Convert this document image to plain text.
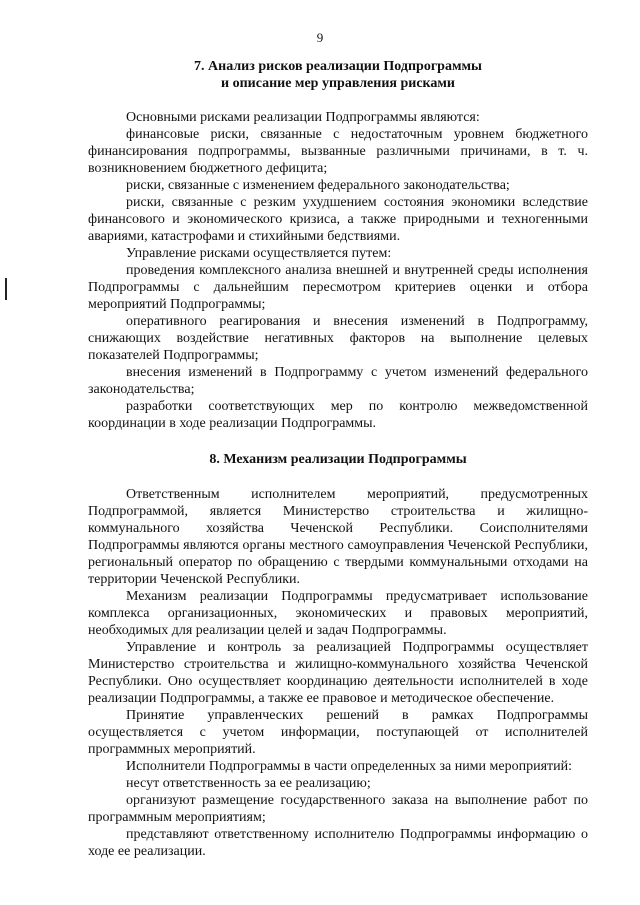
9
7. Анализ рисков реализации Подпрограммы
и описание мер управления рисками

Основными рисками реализации Подпрограммы являются:

финансовые риски, связанные с недостаточным уровнем бюджетного финансирования подпрограммы, вызванные различными причинами, в т. ч. возникновением бюджетного дефицита;

риски, связанные с изменением федерального законодательства;

риски, связанные с резким ухудшением состояния экономики вследствие финансового и экономического кризиса, а также природными и техногенными авариями, катастрофами и стихийными бедствиями.

Управление рисками осуществляется путем:

проведения комплексного анализа внешней и внутренней среды исполнения Подпрограммы с дальнейшим пересмотром критериев оценки и отбора мероприятий Подпрограммы;

оперативного реагирования и внесения изменений в Подпрограмму, снижающих воздействие негативных факторов на выполнение целевых показателей Подпрограммы;

внесения изменений в Подпрограмму с учетом изменений федерального законодательства;

разработки соответствующих мер по контролю межведомственной координации в ходе реализации Подпрограммы.

8. Механизм реализации Подпрограммы

Ответственным исполнителем мероприятий, предусмотренных Подпрограммой, является Министерство строительства и жилищно-коммунального хозяйства Чеченской Республики. Соисполнителями Подпрограммы являются органы местного самоуправления Чеченской Республики, региональный оператор по обращению с твердыми коммунальными отходами на территории Чеченской Республики.

Механизм реализации Подпрограммы предусматривает использование комплекса организационных, экономических и правовых мероприятий, необходимых для реализации целей и задач Подпрограммы.

Управление и контроль за реализацией Подпрограммы осуществляет Министерство строительства и жилищно-коммунального хозяйства Чеченской Республики. Оно осуществляет координацию деятельности исполнителей в ходе реализации Подпрограммы, а также ее правовое и методическое обеспечение.

Принятие управленческих решений в рамках Подпрограммы осуществляется с учетом информации, поступающей от исполнителей программных мероприятий.

Исполнители Подпрограммы в части определенных за ними мероприятий:

несут ответственность за ее реализацию;

организуют размещение государственного заказа на выполнение работ по программным мероприятиям;

представляют ответственному исполнителю Подпрограммы информацию о ходе ее реализации.
